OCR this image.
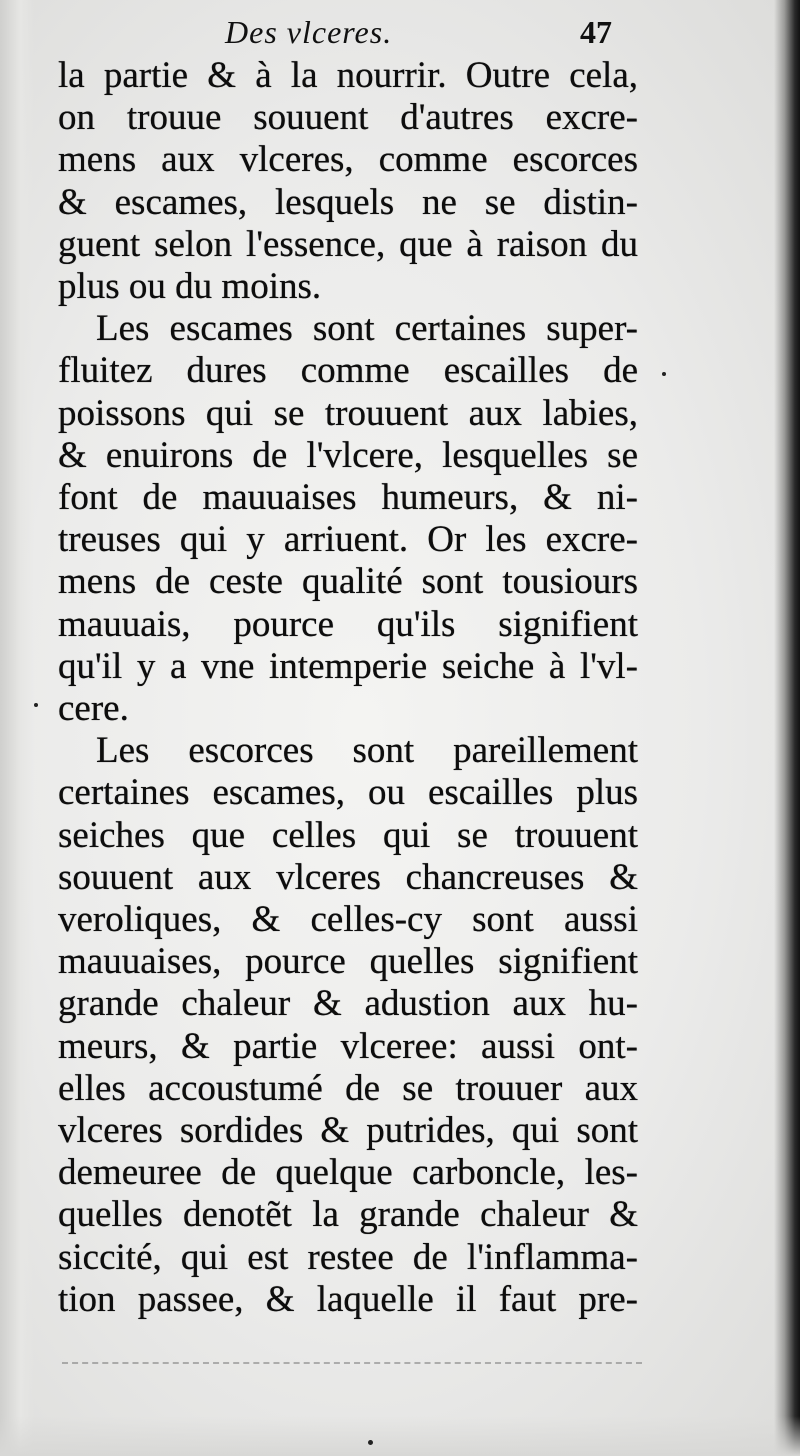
Des vlceres.	47

la partie & à la nourrir. Outre cela,
on trouue souuent d'autres excre-
mens aux vlceres, comme escorces
& escames, lesquels ne se distin-
guent selon l'essence, que à raison du
plus ou du moins.

Les escames sont certaines super-
fluitez dures comme escailles de
poissons qui se trouuent aux labies,
& enuirons de l'vlcere, lesquelles se
font de mauuaises humeurs, & ni-
treuses qui y arriuent. Or les excre-
mens de ceste qualité sont tousiours
mauuais, pource qu'ils signifient
qu'il y a vne intemperie seiche à l'vl-
cere.

Les escorces sont pareillement
certaines escames, ou escailles plus
seiches que celles qui se trouuent
souuent aux vlceres chancreuses &
veroliques, & celles-cy sont aussi
mauuaises, pource quelles signifient
grande chaleur & adustion aux hu-
meurs, & partie vlceree: aussi ont-
elles accoustumé de se trouuer aux
vlceres sordides & putrides, qui sont
demeuree de quelque carboncle, les-
quelles denotẽt la grande chaleur &
siccité, qui est restee de l'inflamma-
tion passee, & laquelle il faut pre-
